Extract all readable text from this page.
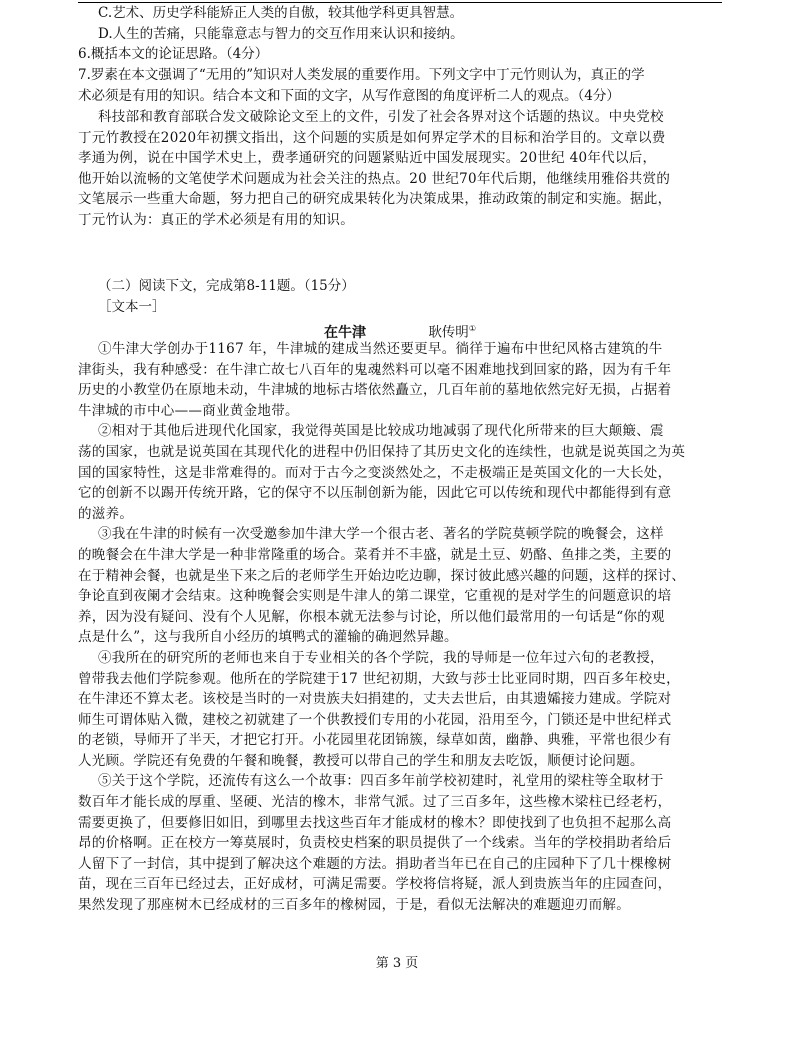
C.艺术、历史学科能矫正人类的自傲，较其他学科更具智慧。
D.人生的苦痛，只能靠意志与智力的交互作用来认识和接纳。
6.概括本文的论证思路。（4分）
7.罗素在本文强调了“无用的”知识对人类发展的重要作用。下列文字中丁元竹则认为，真正的学
术必须是有用的知识。结合本文和下面的文字，从写作意图的角度评析二人的观点。（4分）
科技部和教育部联合发文破除论文至上的文件，引发了社会各界对这个话题的热议。中央党校
丁元竹教授在2020年初撰文指出，这个问题的实质是如何界定学术的目标和治学目的。文章以费
孝通为例，说在中国学术史上，费孝通研究的问题紧贴近中国发展现实。20世纪 40年代以后，
他开始以流畅的文笔使学术问题成为社会关注的热点。20 世纪70年代后期，他继续用雅俗共赏的
文笔展示一些重大命题，努力把自己的研究成果转化为决策成果，推动政策的制定和实施。据此，
丁元竹认为：真正的学术必须是有用的知识。
（二）阅读下文，完成第8-11题。（15分）
［文本一］
在牛津	耿传明①
①牛津大学创办于1167 年，牛津城的建成当然还要更早。徜徉于遍布中世纪风格古建筑的牛
津街头，我有种感受：在牛津亡故七八百年的鬼魂然料可以毫不困难地找到回家的路，因为有千年
历史的小教堂仍在原地未动，牛津城的地标古塔依然矗立，几百年前的墓地依然完好无损，占据着
牛津城的市中心——商业黄金地带。
②相对于其他后进现代化国家，我觉得英国是比较成功地减弱了现代化所带来的巨大颠簸、震
荡的国家，也就是说英国在其现代化的进程中仍旧保持了其历史文化的连续性，也就是说英国之为英
国的国家特性，这是非常难得的。而对于古今之变淡然处之，不走极端正是英国文化的一大长处，
它的创新不以踢开传统开路，它的保守不以压制创新为能，因此它可以传统和现代中都能得到有意
的滋养。
③我在牛津的时候有一次受邀参加牛津大学一个很古老、著名的学院莫顿学院的晚餐会，这样
的晚餐会在牛津大学是一种非常隆重的场合。菜肴并不丰盛，就是土豆、奶酪、鱼排之类，主要的
在于精神会餐，也就是坐下来之后的老师学生开始边吃边聊，探讨彼此感兴趣的问题，这样的探讨、
争论直到夜阑才会结束。这种晚餐会实则是牛津人的第二课堂，它重视的是对学生的问题意识的培
养，因为没有疑问、没有个人见解，你根本就无法参与讨论，所以他们最常用的一句话是“你的观
点是什么”，这与我所自小经历的填鸭式的灌输的确迥然异趣。
④我所在的研究所的老师也来自于专业相关的各个学院，我的导师是一位年过六旬的老教授，
曾带我去他们学院参观。他所在的学院建于17 世纪初期，大致与莎士比亚同时期，四百多年校史，
在牛津还不算太老。该校是当时的一对贵族夫妇捐建的，丈夫去世后，由其遗孀接力建成。学院对
师生可谓体贴入微，建校之初就建了一个供教授们专用的小花园，沿用至今，门锁还是中世纪样式
的老锁，导师开了半天，才把它打开。小花园里花团锦簇，绿草如茵，幽静、典雅，平常也很少有
人光顾。学院还有免费的午餐和晚餐，教授可以带自己的学生和朋友去吃饭，顺便讨论问题。
⑤关于这个学院，还流传有这么一个故事：四百多年前学校初建时，礼堂用的梁柱等全取材于
数百年才能长成的厚重、坚硬、光洁的橡木，非常气派。过了三百多年，这些橡木梁柱已经老朽，
需要更换了，但要修旧如旧，到哪里去找这些百年才能成材的橡木？即使找到了也负担不起那么高
昂的价格啊。正在校方一筹莫展时，负责校史档案的职员提供了一个线索。当年的学校捐助者给后
人留下了一封信，其中提到了解决这个难题的方法。捐助者当年已在自己的庄园种下了几十棵橡树
苗，现在三百年已经过去，正好成材，可满足需要。学校将信将疑，派人到贵族当年的庄园查问，
果然发现了那座树木已经成材的三百多年的橡树园，于是，看似无法解决的难题迎刃而解。
第 3 页
